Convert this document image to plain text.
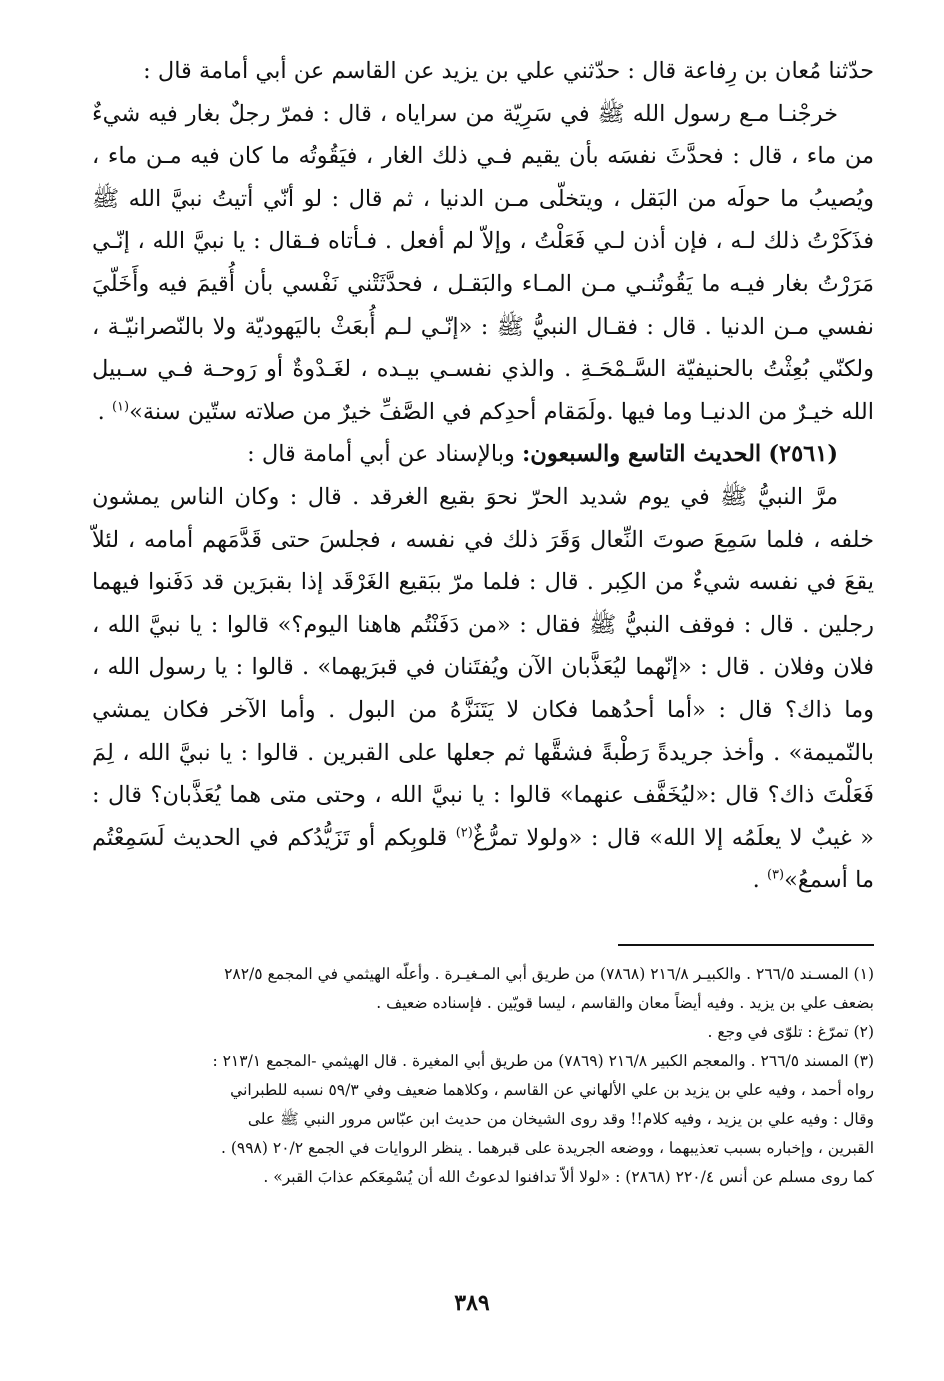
حدّثنا مُعان بن رِفاعة قال : حدّثني علي بن يزيد عن القاسم عن أبي أمامة قال :

خرجْنـا مـع رسول الله ﷺ في سَرِيّة من سراياه ، قال : فمرّ رجلٌ بغار فيه شيءٌ من ماء ، قال : فحدَّثَ نفسَه بأن يقيم فـي ذلك الغار ، فيَقُوتُه ما كان فيه مـن ماء ، ويُصيبُ ما حولَه من البَقل ، ويتخلّى مـن الدنيا ، ثم قال : لو أنّي أتيتُ نبيَّ الله ﷺ فذَكَرْتُ ذلك لـه ، فإن أذن لـي فَعَلْتُ ، وإلاّ لم أفعل . فـأتاه فـقال : يا نبيَّ الله ، إنّـي مَرَرْتُ بغار فيـه ما يَقُوتُنـي مـن المـاء والبَقـل ، فحدَّثَتْني نَفْسي بأن أُقيمَ فيه وأَخَلّيَ نفسي مـن الدنيا . قال : فقـال النبيُّ ﷺ : «إنّـي لـم أُبعَثْ باليَهوديّة ولا بالنّصرانيّـة ، ولكنّي بُعِثْتُ بالحنيفيّة السَّـمْحَـةِ . والذي نفسـي بيـده ، لغَـدْوةٌ أو رَوحـة فـي سـبيل الله خيـرٌ من الدنيـا وما فيها .ولَمَقام أحدِكم في الصَّفِّ خيرٌ من صلاته ستّين سنة»$^{(١)}$ .

(٢٥٦١) الحديث التاسع والسبعون: وبالإسناد عن أبي أمامة قال :

مرَّ النبيُّ ﷺ في يوم شديد الحرّ نحوَ بقيع الغرقد . قال : وكان الناس يمشون خلفه ، فلما سَمِعَ صوتَ النِّعال وَقَرَ ذلك في نفسه ، فجلسَ حتى قَدَّمَهم أمامه ، لئلاّ يقعَ في نفسه شيءٌ من الكِبر . قال : فلما مرّ ببَقيع الغَرْقَد إذا بقبرَين قد دَفَنوا فيهما رجلين . قال : فوقف النبيُّ ﷺ فقال : «من دَفَنْتُم هاهنا اليوم؟» قالوا : يا نبيَّ الله ، فلان وفلان . قال : «إنّهما ليُعَذَّبان الآن ويُفتَنان في قبرَيهما» . قالوا : يا رسول الله ، وما ذاك؟ قال : «أما أحدُهما فكان لا يَتَنَزَّهُ من البول . وأما الآخر فكان يمشي بالنّميمة» . وأخذ جريدةً رَطْبةً فشقَّها ثم جعلها على القبرين . قالوا : يا نبيَّ الله ، لِمَ فَعَلْتَ ذاك؟ قال :«ليُخَفَّف عنهما» قالوا : يا نبيَّ الله ، وحتى متى هما يُعَذَّبان؟ قال : « غيبٌ لا يعلَمُه إلا الله» قال : «ولولا تمرُّغٌ$^{(٢)}$ قلوبِكم أو تَزَيُّدُكم في الحديث لَسَمِعْتُم ما أسمعُ»$^{(٣)}$ .

(١) المسـند ٢٦٦/٥ . والكبيـر ٢١٦/٨ (٧٨٦٨) من طريق أبي المـغيـرة . وأعلّه الهيثمي في المجمع ٢٨٢/٥

بضعف علي بن يزيد . وفيه أيضاً معان والقاسم ، ليسا قويّين . فإسناده ضعيف .

(٢) تمرّغ : تلوّى في وجع .

(٣) المسند ٢٦٦/٥ . والمعجم الكبير ٢١٦/٨ (٧٨٦٩) من طريق أبي المغيرة . قال الهيثمي -المجمع ٢١٣/١ :

رواه أحمد ، وفيه علي بن يزيد بن علي الألهاني عن القاسم ، وكلاهما ضعيف وفي ٥٩/٣ نسبه للطبراني

وقال : وفيه علي بن يزيد ، وفيه كلام!! وقد روى الشيخان من حديث ابن عبّاس مرور النبي ﷺ على

القبرين ، وإخباره بسبب تعذيبهما ، ووضعه الجريدة على قبرهما . ينظر الروايات في الجمع ٢٠/٢ (٩٩٨) .

كما روى مسلم عن أنس ٢٢٠/٤ (٢٨٦٨) : «لولا ألاّ تدافنوا لدعوتُ الله أن يُسْمِعَكم عذابَ القبر» .

٣٨٩
